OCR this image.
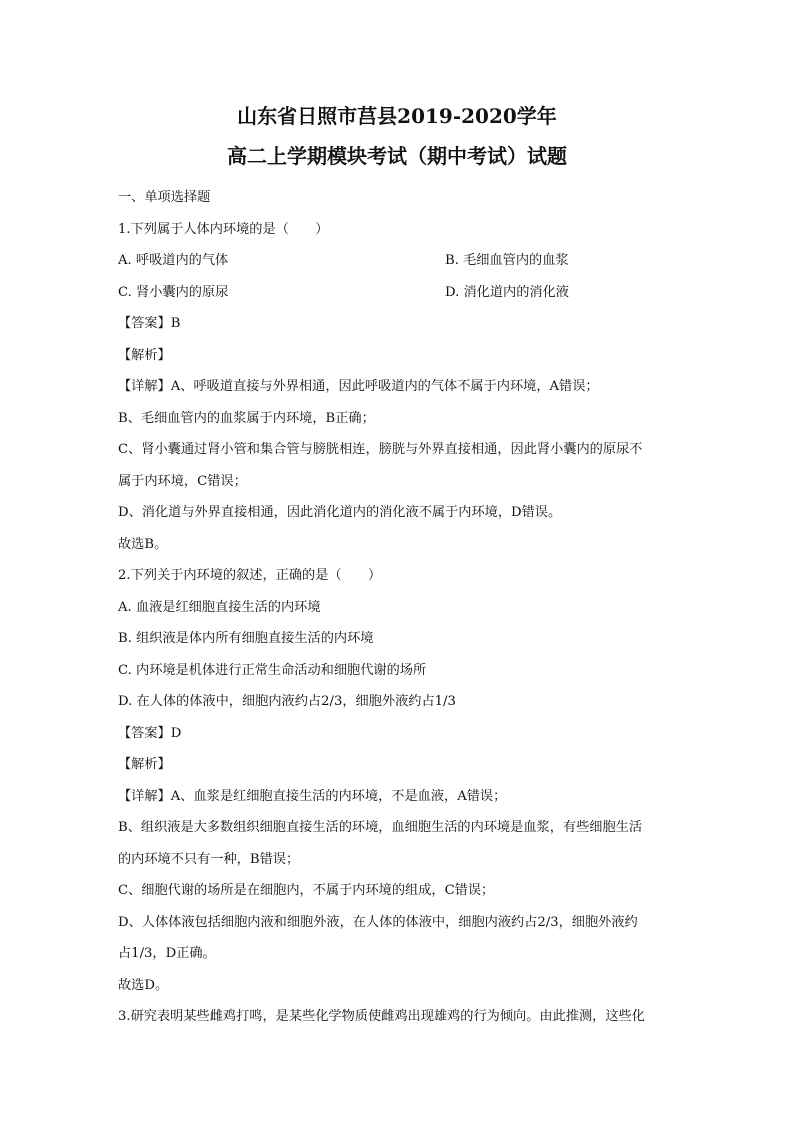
山东省日照市莒县2019-2020学年

高二上学期模块考试（期中考试）试题

一、单项选择题

1.下列属于人体内环境的是（　　）

A. 呼吸道内的气体	B. 毛细血管内的血浆
C. 肾小囊内的原尿	D. 消化道内的消化液

【答案】B

【解析】

【详解】A、呼吸道直接与外界相通，因此呼吸道内的气体不属于内环境，A错误；

B、毛细血管内的血浆属于内环境，B正确；

C、肾小囊通过肾小管和集合管与膀胱相连，膀胱与外界直接相通，因此肾小囊内的原尿不

属于内环境，C错误；

D、消化道与外界直接相通，因此消化道内的消化液不属于内环境，D错误。

故选B。

2.下列关于内环境的叙述，正确的是（　　）

A. 血液是红细胞直接生活的内环境

B. 组织液是体内所有细胞直接生活的内环境

C. 内环境是机体进行正常生命活动和细胞代谢的场所

D. 在人体的体液中，细胞内液约占2/3，细胞外液约占1/3

【答案】D

【解析】

【详解】A、血浆是红细胞直接生活的内环境，不是血液，A错误；

B、组织液是大多数组织细胞直接生活的环境，血细胞生活的内环境是血浆，有些细胞生活

的内环境不只有一种，B错误；

C、细胞代谢的场所是在细胞内，不属于内环境的组成，C错误；

D、人体体液包括细胞内液和细胞外液，在人体的体液中，细胞内液约占2/3，细胞外液约

占1/3，D正确。

故选D。

3.研究表明某些雌鸡打鸣，是某些化学物质使雌鸡出现雄鸡的行为倾向。由此推测，这些化
